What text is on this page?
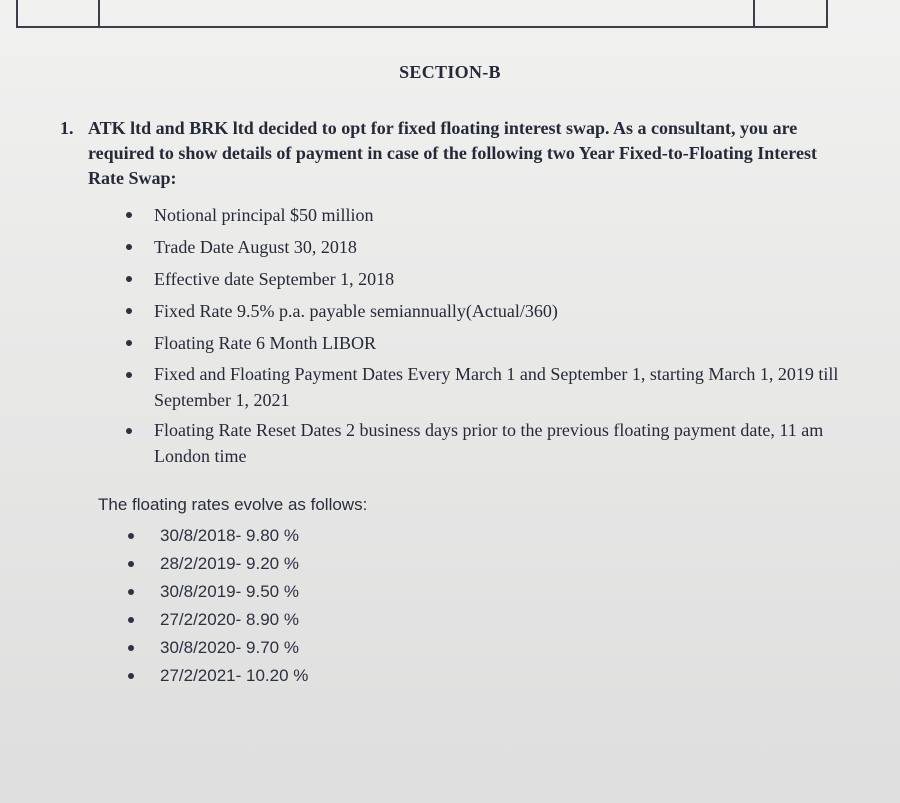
SECTION-B
1. ATK ltd and BRK ltd decided to opt for fixed floating interest swap. As a consultant, you are required to show details of payment in case of the following two Year Fixed-to-Floating Interest Rate Swap:
Notional principal $50 million
Trade Date August 30, 2018
Effective date September 1, 2018
Fixed Rate 9.5% p.a. payable semiannually(Actual/360)
Floating Rate 6 Month LIBOR
Fixed and Floating Payment Dates Every March 1 and September 1, starting March 1, 2019 till September 1, 2021
Floating Rate Reset Dates 2 business days prior to the previous floating payment date, 11 am London time
The floating rates evolve as follows:
30/8/2018- 9.80 %
28/2/2019- 9.20 %
30/8/2019- 9.50 %
27/2/2020- 8.90 %
30/8/2020- 9.70 %
27/2/2021- 10.20 %
